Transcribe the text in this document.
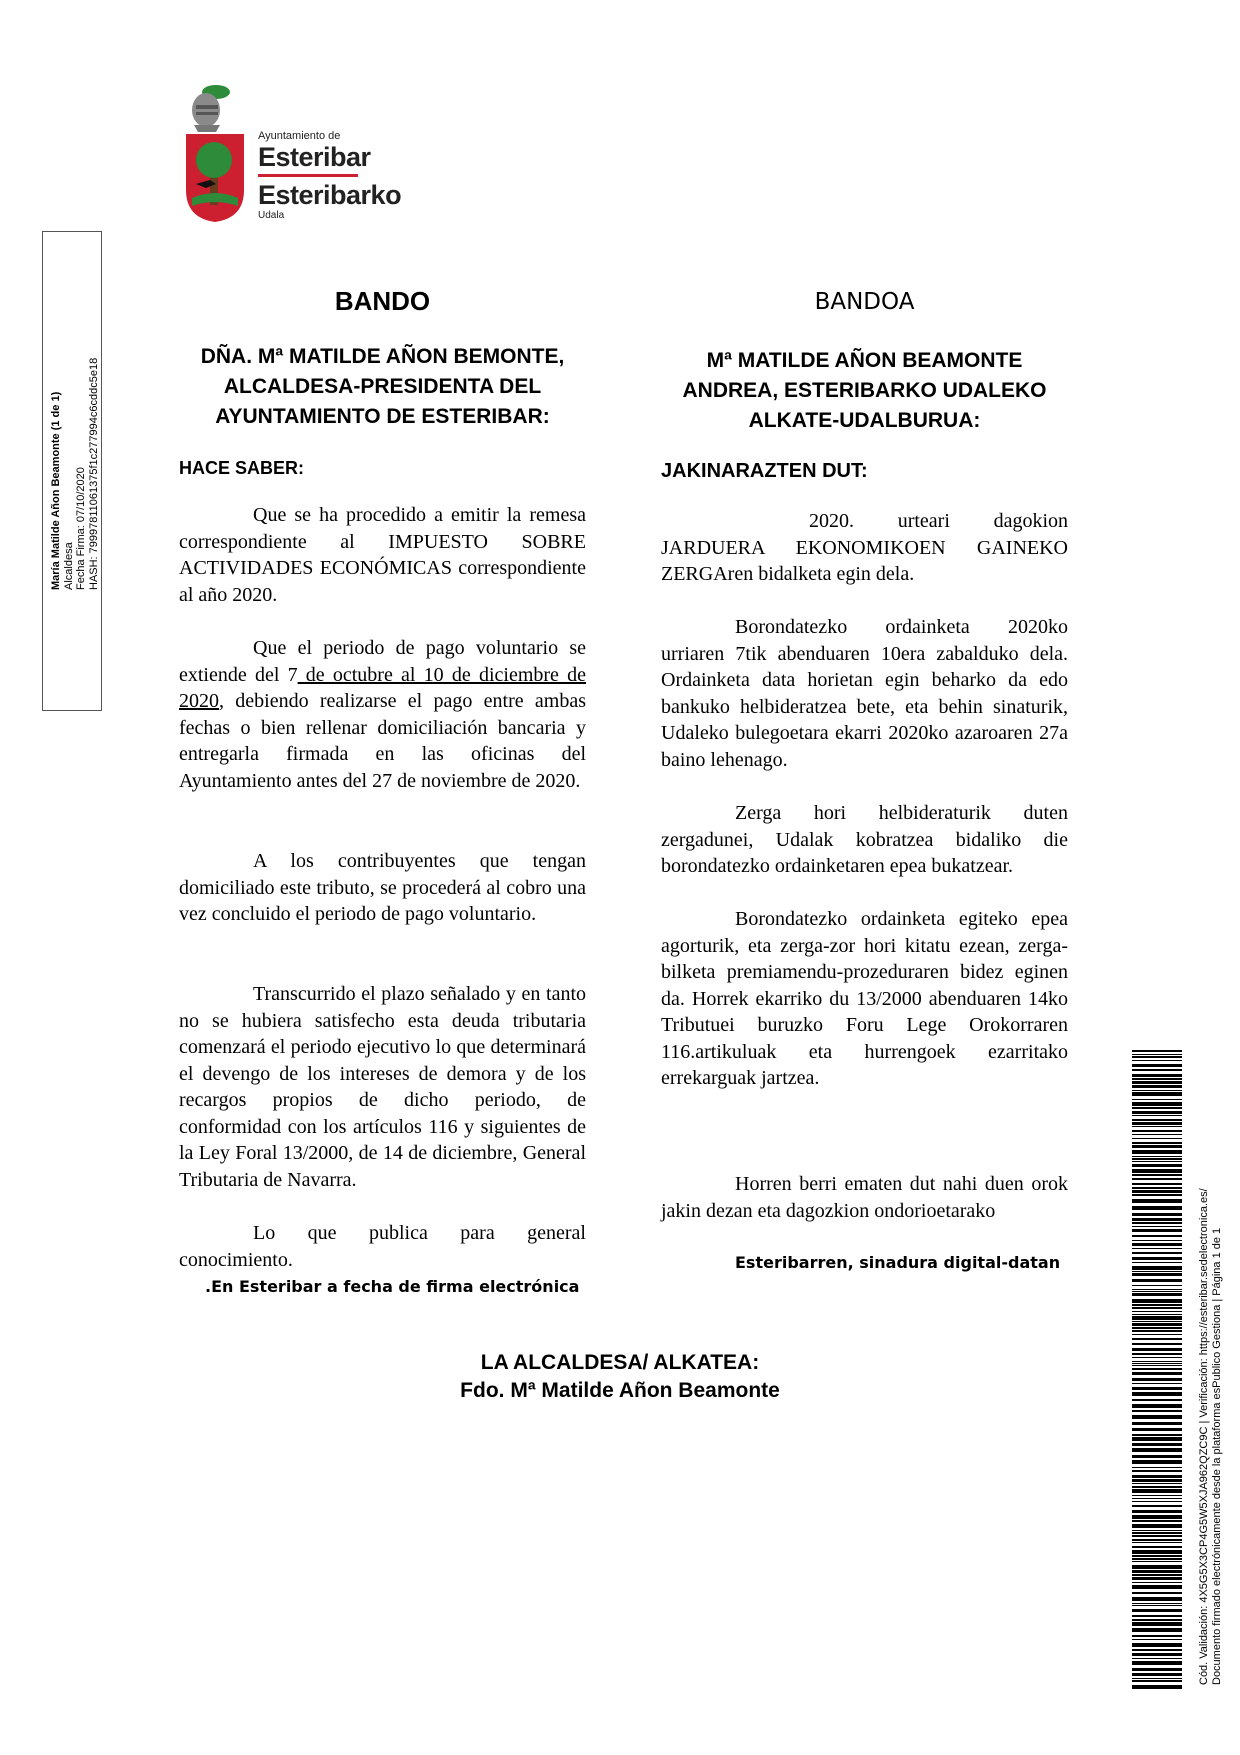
Ayuntamiento de
Esteribar
Esteribarko
Udala
María Matilde Añon Beamonte (1 de 1) Alcaldesa Fecha Firma: 07/10/2020 HASH: 79997811061375f1c277994c6cddc5e18
BANDO
DÑA. Mª MATILDE AÑON BEMONTE,
ALCALDESA-PRESIDENTA DEL
AYUNTAMIENTO DE ESTERIBAR:
HACE SABER:
Que se ha procedido a emitir la remesa correspondiente al IMPUESTO SOBRE ACTIVIDADES ECONÓMICAS correspondiente al año 2020.
Que el periodo de pago voluntario se extiende del 7 de octubre al 10 de diciembre de 2020, debiendo realizarse el pago entre ambas fechas o bien rellenar domiciliación bancaria y entregarla firmada en las oficinas del Ayuntamiento antes del 27 de noviembre de 2020.
A los contribuyentes que tengan domiciliado este tributo, se procederá al cobro una vez concluido el periodo de pago voluntario.
Transcurrido el plazo señalado y en tanto no se hubiera satisfecho esta deuda tributaria comenzará el periodo ejecutivo lo que determinará el devengo de los intereses de demora y de los recargos propios de dicho periodo, de conformidad con los artículos 116 y siguientes de la Ley Foral 13/2000, de 14 de diciembre, General Tributaria de Navarra.
Lo que publica para general conocimiento.
.En Esteribar a fecha de firma electrónica
BANDOA
Mª MATILDE AÑON BEAMONTE
ANDREA, ESTERIBARKO UDALEKO
ALKATE-UDALBURUA:
JAKINARAZTEN DUT:
2020. urteari dagokion JARDUERA EKONOMIKOEN GAINEKO ZERGAren bidalketa egin dela.
Borondatezko ordainketa 2020ko urriaren 7tik abenduaren 10era zabalduko dela. Ordainketa data horietan egin beharko da edo bankuko helbideratzea bete, eta behin sinaturik, Udaleko bulegoetara ekarri 2020ko azaroaren 27a baino lehenago.
Zerga hori helbideraturik duten zergadunei, Udalak kobratzea bidaliko die borondatezko ordainketaren epea bukatzear.
Borondatezko ordainketa egiteko epea agorturik, eta zerga-zor hori kitatu ezean, zerga-bilketa premiamendu-prozeduraren bidez eginen da. Horrek ekarriko du 13/2000 abenduaren 14ko Tributuei buruzko Foru Lege Orokorraren 116.artikuluak eta hurrengoek ezarritako errekarguak jartzea.
Horren berri ematen dut nahi duen orok jakin dezan eta dagozkion ondorioetarako
Esteribarren, sinadura digital-datan
LA ALCALDESA/ ALKATEA:
Fdo. Mª Matilde Añon Beamonte	Cód. Validación: 4X5G5X3CP4G5W5XJA962QZC9C | Verificación: https://esteribar.sedelectronica.es/ Documento firmado electrónicamente desde la plataforma esPublico Gestiona | Página 1 de 1
